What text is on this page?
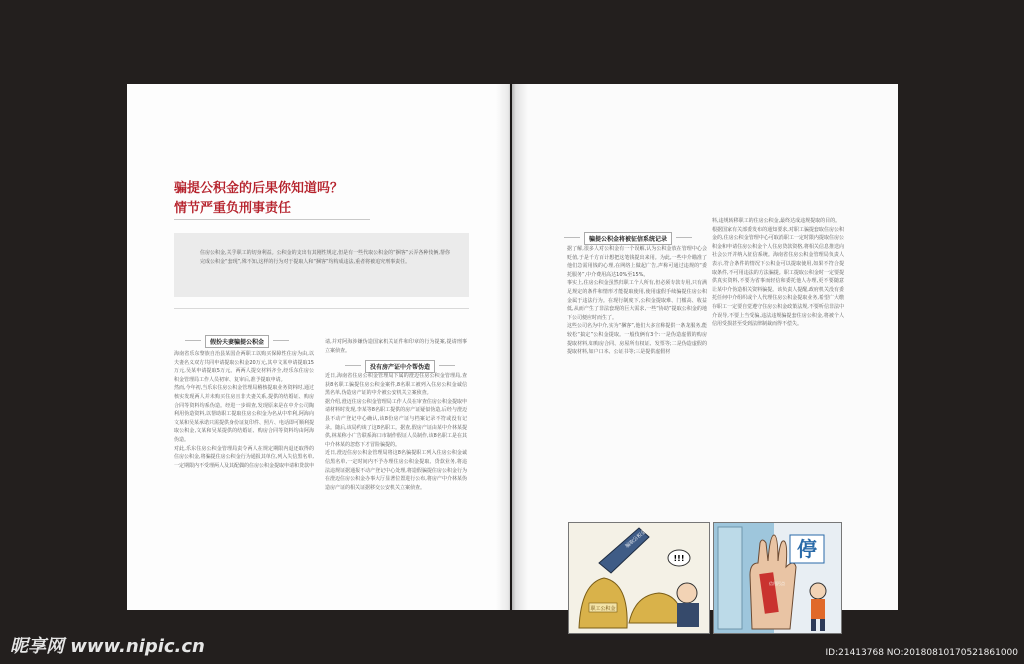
骗提公积金的后果你知道吗？
情节严重负刑事责任
住房公积金,关乎职工的切身利益。公积金的支出有其刚性规定,但是有一些代取公积金的“捆客”云弄各种伎俩,帮你完成公积金“套现”,殊不知,这样的行为对于提取人和“捆客”均构成违法,重者将被追究刑事责任。
假扮夫妻骗提公积金
海南省乐东黎族自治县某国企两职工以购买保障性住房为由,以夫妻名义双方共同申请提取公积金20万元,其中文某申请提取15万元,吴某申请提取5万元。两两人提交材料齐全,经乐东住房公积金管理局工作人员初审、复审后,准予提取申请。
然而,今年初,当乐东住房公积金管理局稽核提取业务资料时,通过核实发现两人并未购买住房且非夫妻关系,提供的结婚证、购房合同等资料均系伪造。经进一步调查,发现原来是在中介公司陶利用伪造资料,以帮助职工提取住房公积金为名从中牟利,阿海向文某和吴某承诺只需提供身份证复印件、照片、电话即可顺利提取公积金,文某和吴某提供的结婚证、购房合同等资料均由阿海伪造。
对此,乐东住房公积金管理局责令两人在规定期限内退还取得的住房公积金,将骗提住房公积金行为通报其单位,列入失信黑名单,一定期限内不受理两人及其配偶的住房公积金提取申请和贷款申
请,并对阿海涉嫌伪造国家机关证件和印章的行为提案,提请刑事立案侦查。
没有房产证中介帮伪造
近日,海南省住房公积金管理局下属的澄迈住房公积金管理局,查获8名职工骗提住房公积金案件,8名职工被列入住房公积金诚信黑名单,伪造房产证的中介被公安机关立案侦查。
据介绍,澄迈住房公积金管理局工作人员在审查住房公积金提取申请材料时发现,李某等8名职工提供的房产证疑似伪造,后经与澄迈县不动产登记中心确认,该8份房产证与档案记录不符或没有记录。随后,该局约谈了这8名职工。据查,假房产证由某中介林某提供,林某称小广告联系海口市制作假证人员制作,该8名职工是在其中介林某的忽悠下才冒险骗提的。
近日,澄迈住房公积金管理局将这8名骗提职工列入住房公积金诚信黑名单,一定时间内不予办理住房公积金提取、贷款业务,将违法违规证据通报不动产登记中心处理,将造假骗提住房公积金行为在澄迈住房公积金办事大厅显著位置进行公布,将房产中介林某伪造房产证的相关证据移交公安机关立案侦查。
骗提公积金将被征信系统记录
据了解,很多人对公积金有一个误解,认为公积金放在管理中心会贬值,于是千方百计想把这笔钱提出来用。为此,一些中介瞄准了他们急需用钱的心理,在网络上做起广告,声称可通过违规的“委托服务”,中介费用高达10%至15%。
事实上,住房公积金虽然归职工个人所有,但必须专款专用,只有满足规定的条件和情形才能提取使用,使用虚假手续骗提住房公积金属于违法行为。在现行制度下,公积金提取难、门槛高、收益低,从而产生了非法套现的巨大需求,一些“协助”提取公积金的地下公司便应时而生了。
这些公司名为中介,实为“捆客”,他们大多宣称提供一条龙服务,能较松“搞定”公积金提取。一般伎俩有3个:一是伪造虚假的购房提取材料,如购房合同、房屋所有权证、发票等;二是伪造虚假的提取材料,如户口本、公证书等;三是提供虚假材
料,违规转移职工的住房公积金,最终达成违规提取的目的。
根据国家有关部委发布的通知要求,对职工骗提套取住房公积金的,住房公积金管理中心可取消职工一定时限内提取住房公积金和申请住房公积金个人住房贷款资格,将相关信息推送向社会公开并纳入征信系统。海南省住房公积金管理局负责人表示,符合条件的情况下公积金可以提取使用,如果不符合提取条件,不可用违法的方法骗提。职工提取公积金时一定要提供真实资料,不要为省事而轻信和委托他人办理,更不要随意让某中介伪造相关资料骗提。该负责人提醒,政府机关没有委托任何中介组织或个人代理住房公积金提取业务,希望广大缴存职工一定要自觉遵守住房公积金政策法规,不要听信非法中介误导,不要上当受骗,违法违规骗提套住房公积金,将被个人信用受损甚至受到法律制裁而得不偿失。
职工公积金
骗取公积金
!!!
信用污点
停
昵享网 www.nipic.cn	ID:21413768 NO:20180810170521861000
